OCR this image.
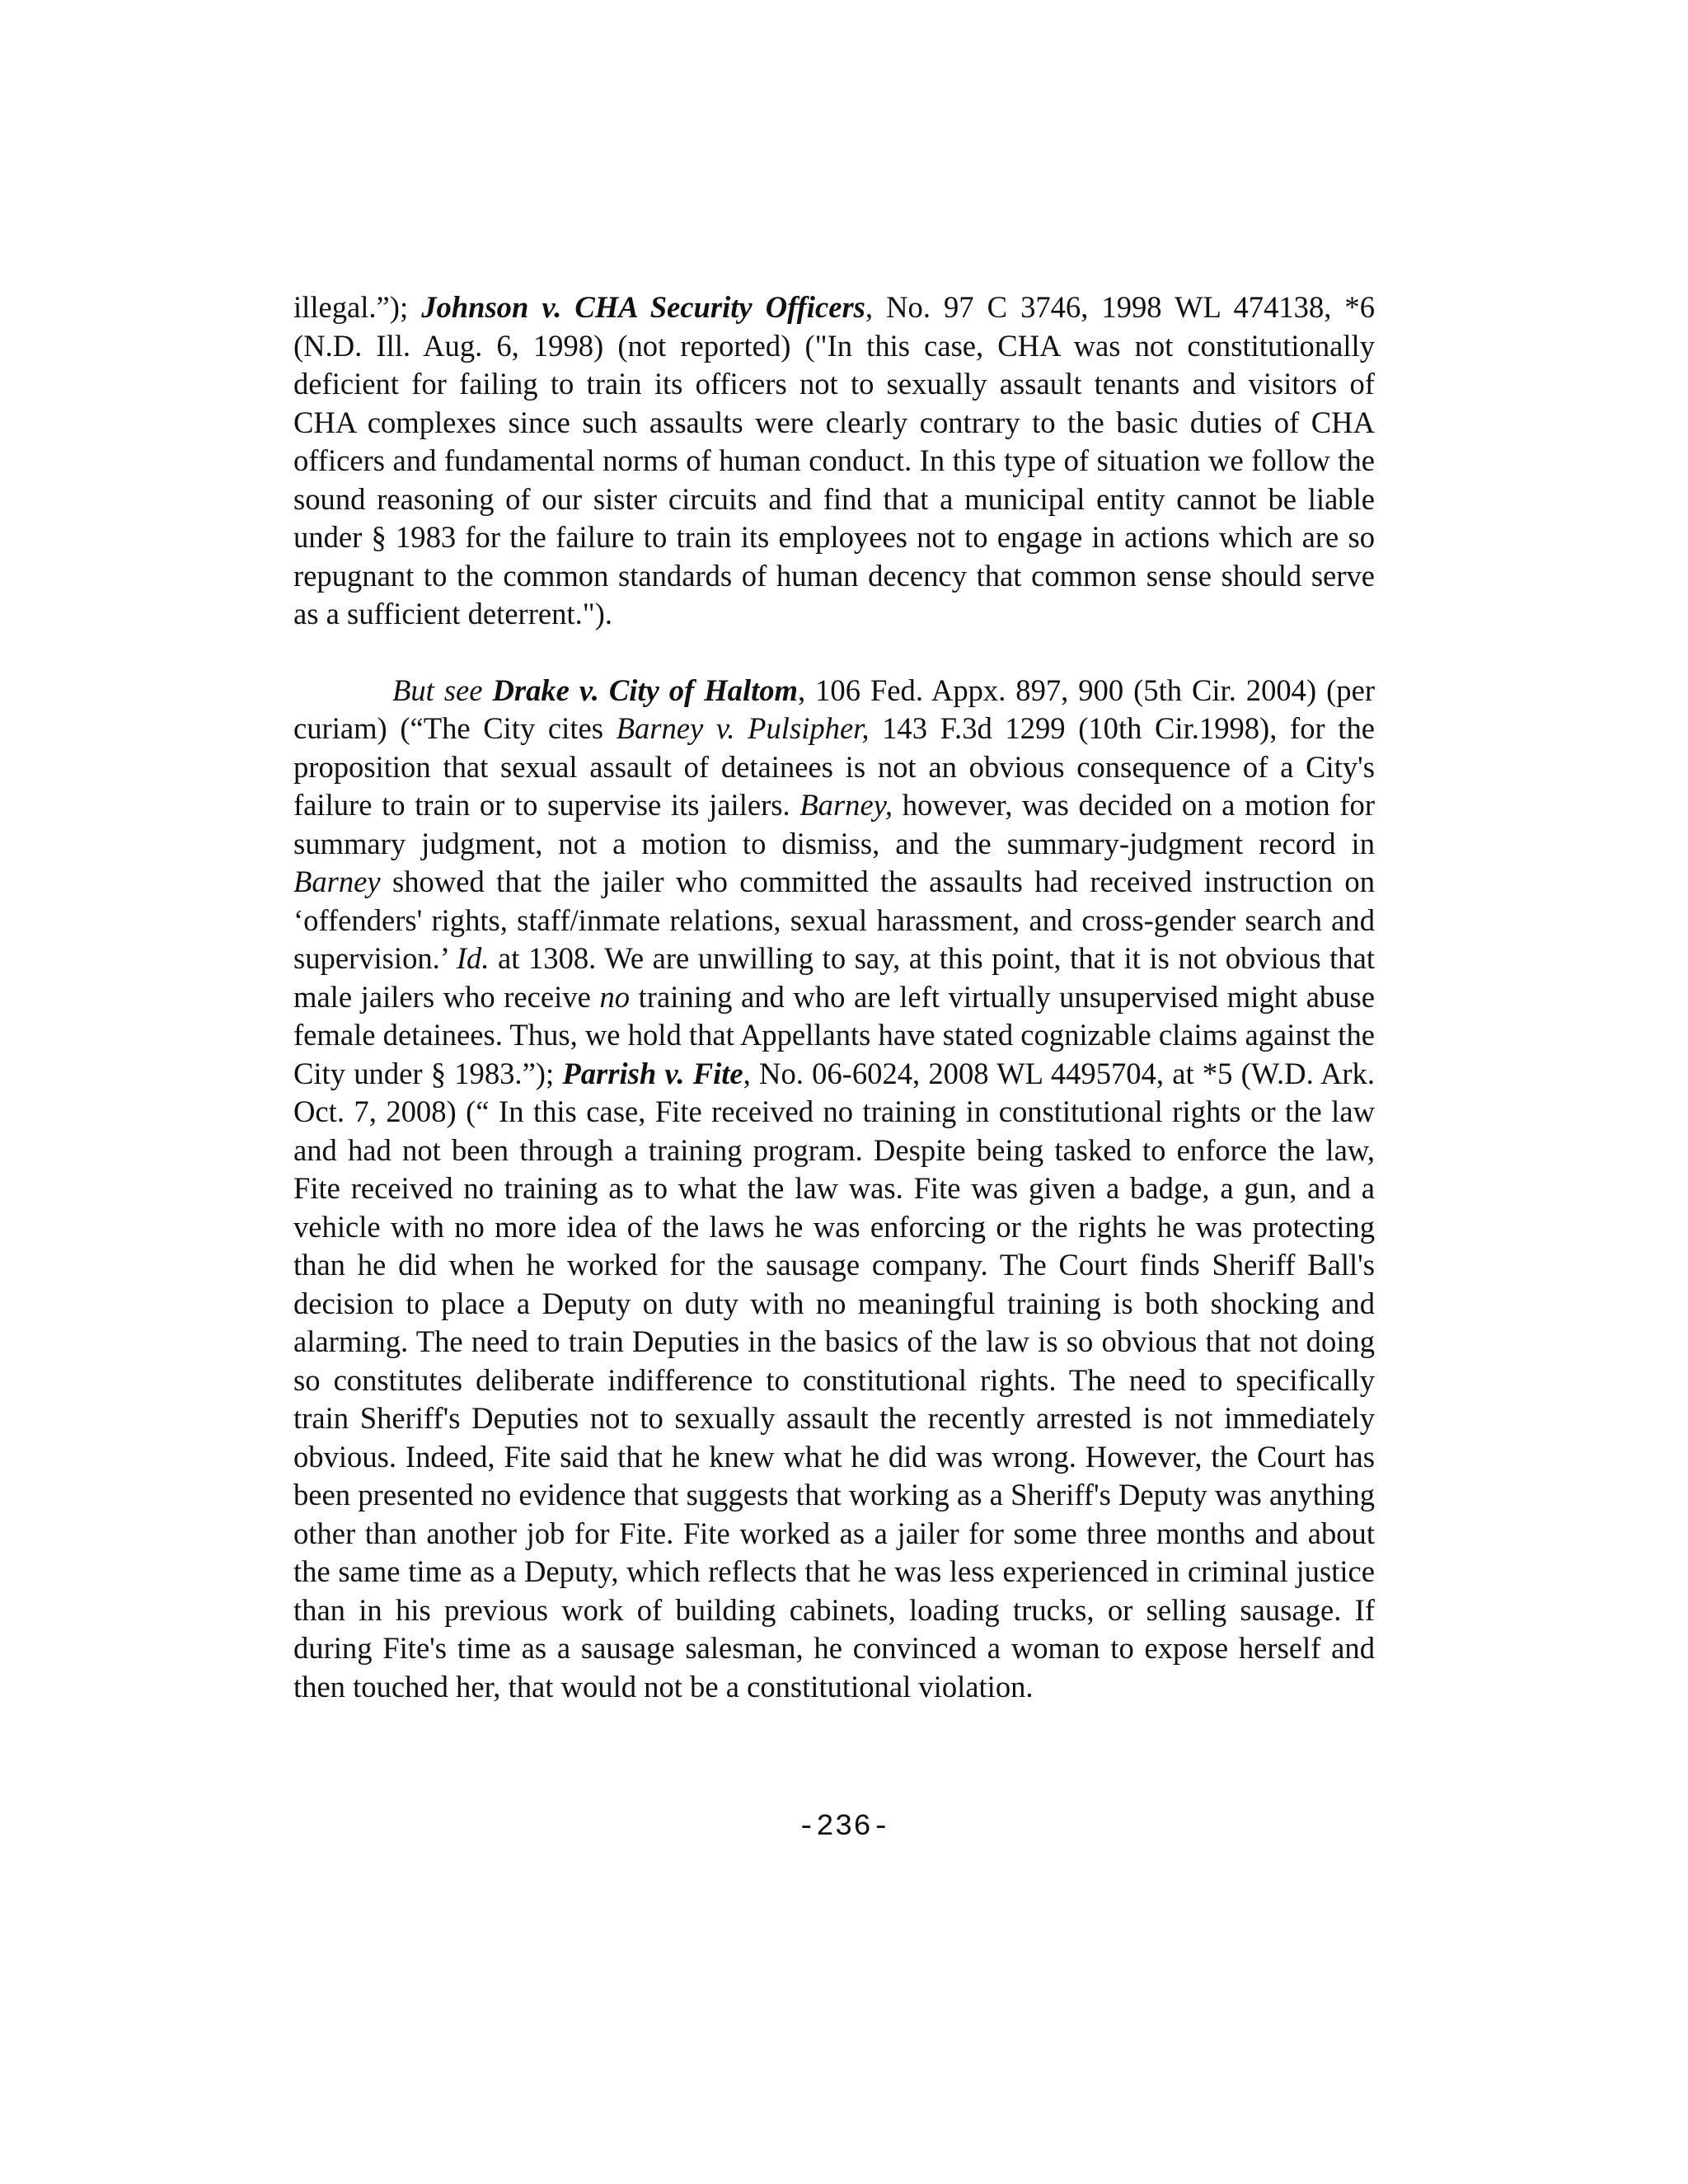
illegal.”); Johnson v. CHA Security Officers, No. 97 C 3746, 1998 WL 474138, *6 (N.D. Ill. Aug. 6, 1998) (not reported) ("In this case, CHA was not constitutionally deficient for failing to train its officers not to sexually assault tenants and visitors of CHA complexes since such assaults were clearly contrary to the basic duties of CHA officers and fundamental norms of human conduct. In this type of situation we follow the sound reasoning of our sister circuits and find that a municipal entity cannot be liable under § 1983 for the failure to train its employees not to engage in actions which are so repugnant to the common standards of human decency that common sense should serve as a sufficient deterrent.").

But see Drake v. City of Haltom, 106 Fed. Appx. 897, 900 (5th Cir. 2004) (per curiam) (“The City cites Barney v. Pulsipher, 143 F.3d 1299 (10th Cir.1998), for the proposition that sexual assault of detainees is not an obvious consequence of a City's failure to train or to supervise its jailers. Barney, however, was decided on a motion for summary judgment, not a motion to dismiss, and the summary-judgment record in Barney showed that the jailer who committed the assaults had received instruction on ‘offenders' rights, staff/inmate relations, sexual harassment, and cross-gender search and supervision.’ Id. at 1308. We are unwilling to say, at this point, that it is not obvious that male jailers who receive no training and who are left virtually unsupervised might abuse female detainees. Thus, we hold that Appellants have stated cognizable claims against the City under § 1983.”); Parrish v. Fite, No. 06-6024, 2008 WL 4495704, at *5 (W.D. Ark. Oct. 7, 2008) (“ In this case, Fite received no training in constitutional rights or the law and had not been through a training program. Despite being tasked to enforce the law, Fite received no training as to what the law was. Fite was given a badge, a gun, and a vehicle with no more idea of the laws he was enforcing or the rights he was protecting than he did when he worked for the sausage company. The Court finds Sheriff Ball's decision to place a Deputy on duty with no meaningful training is both shocking and alarming. The need to train Deputies in the basics of the law is so obvious that not doing so constitutes deliberate indifference to constitutional rights. The need to specifically train Sheriff's Deputies not to sexually assault the recently arrested is not immediately obvious. Indeed, Fite said that he knew what he did was wrong. However, the Court has been presented no evidence that suggests that working as a Sheriff's Deputy was anything other than another job for Fite. Fite worked as a jailer for some three months and about the same time as a Deputy, which reflects that he was less experienced in criminal justice than in his previous work of building cabinets, loading trucks, or selling sausage. If during Fite's time as a sausage salesman, he convinced a woman to expose herself and then touched her, that would not be a constitutional violation.

-236-
